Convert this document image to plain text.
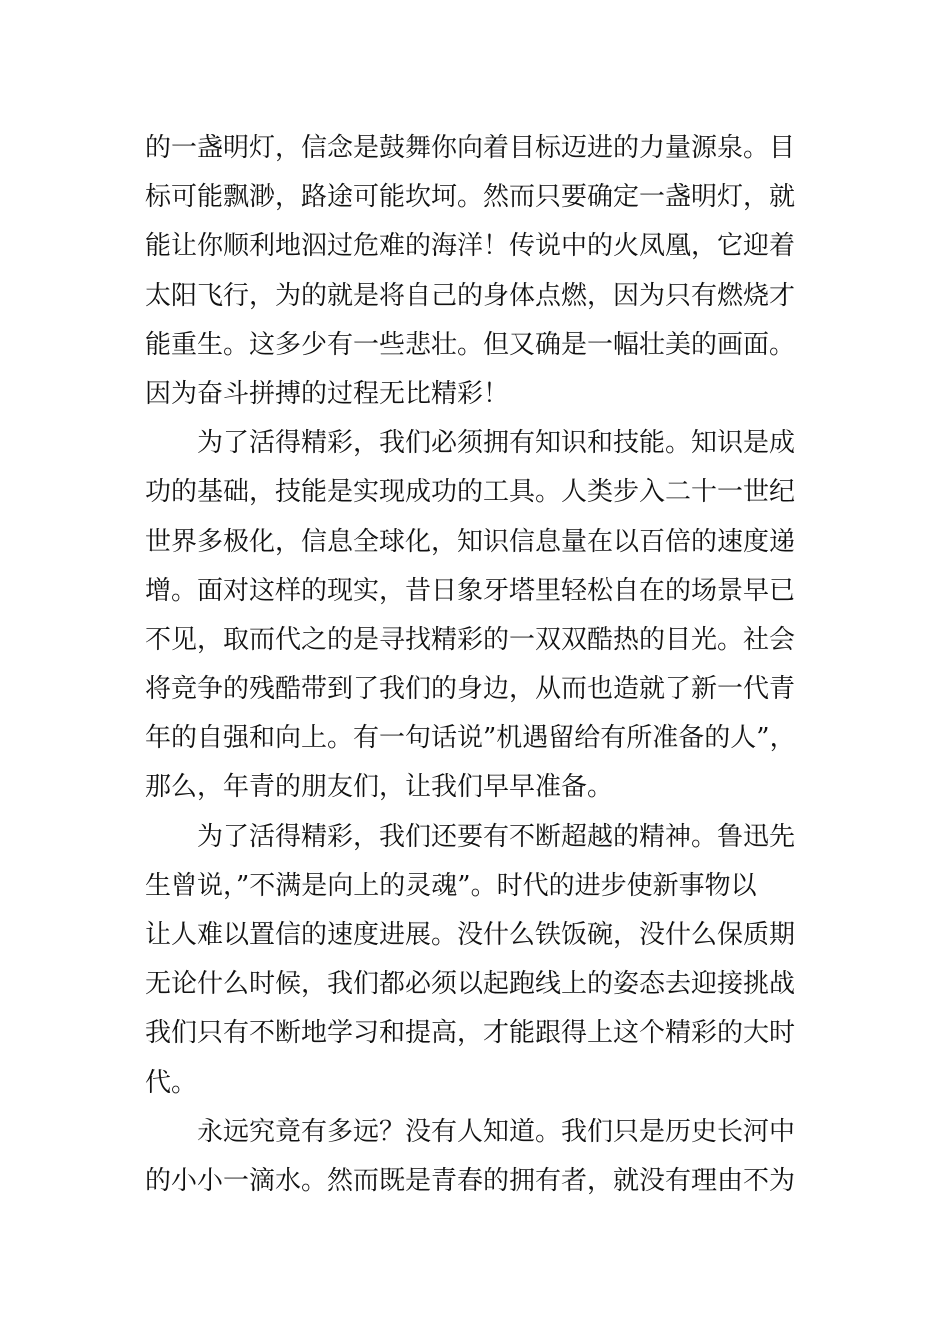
的一盏明灯，信念是鼓舞你向着目标迈进的力量源泉。目
标可能飘渺，路途可能坎坷。然而只要确定一盏明灯，就
能让你顺利地泅过危难的海洋！传说中的火凤凰，它迎着
太阳飞行，为的就是将自己的身体点燃，因为只有燃烧才
能重生。这多少有一些悲壮。但又确是一幅壮美的画面。
因为奋斗拼搏的过程无比精彩！
为了活得精彩，我们必须拥有知识和技能。知识是成
功的基础，技能是实现成功的工具。人类步入二十一世纪
世界多极化，信息全球化，知识信息量在以百倍的速度递
增。面对这样的现实，昔日象牙塔里轻松自在的场景早已
不见，取而代之的是寻找精彩的一双双酷热的目光。社会
将竞争的残酷带到了我们的身边，从而也造就了新一代青
年的自强和向上。有一句话说”机遇留给有所准备的人”，
那么，年青的朋友们，让我们早早准备。
为了活得精彩，我们还要有不断超越的精神。鲁迅先
生曾说，”不满是向上的灵魂”。时代的进步使新事物以
让人难以置信的速度进展。没什么铁饭碗，没什么保质期
无论什么时候，我们都必须以起跑线上的姿态去迎接挑战
我们只有不断地学习和提高，才能跟得上这个精彩的大时
代。
永远究竟有多远？没有人知道。我们只是历史长河中
的小小一滴水。然而既是青春的拥有者，就没有理由不为
